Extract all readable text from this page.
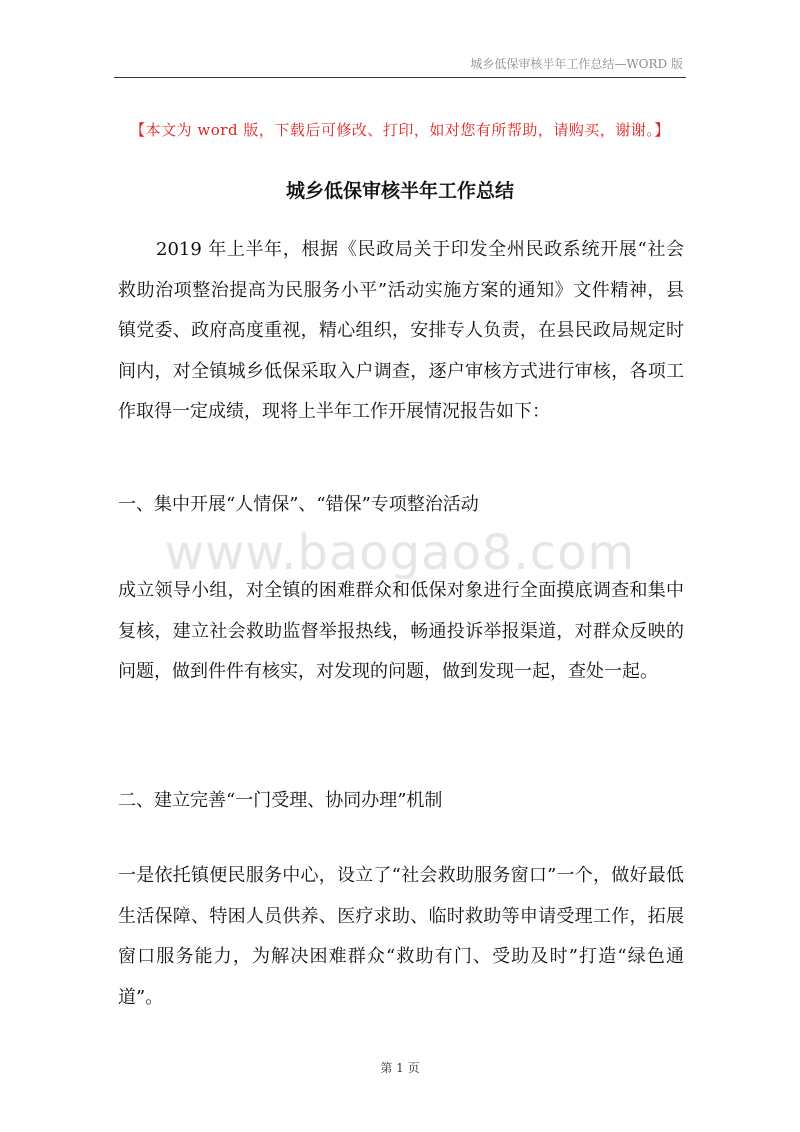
城乡低保审核半年工作总结—WORD 版
【本文为 word 版，下载后可修改、打印，如对您有所帮助，请购买，谢谢。】
城乡低保审核半年工作总结
2019 年上半年，根据《民政局关于印发全州民政系统开展“社会救助治项整治提高为民服务小平”活动实施方案的通知》文件精神，县镇党委、政府高度重视，精心组织，安排专人负责，在县民政局规定时间内，对全镇城乡低保采取入户调查，逐户审核方式进行审核，各项工作取得一定成绩，现将上半年工作开展情况报告如下：
一、集中开展“人情保”、“错保”专项整治活动
www.baogao8.com
成立领导小组，对全镇的困难群众和低保对象进行全面摸底调查和集中复核，建立社会救助监督举报热线，畅通投诉举报渠道，对群众反映的问题，做到件件有核实，对发现的问题，做到发现一起，查处一起。
二、建立完善“一门受理、协同办理”机制
一是依托镇便民服务中心，设立了“社会救助服务窗口”一个，做好最低生活保障、特困人员供养、医疗求助、临时救助等申请受理工作，拓展窗口服务能力，为解决困难群众“救助有门、受助及时”打造“绿色通道”。
第 1 页
